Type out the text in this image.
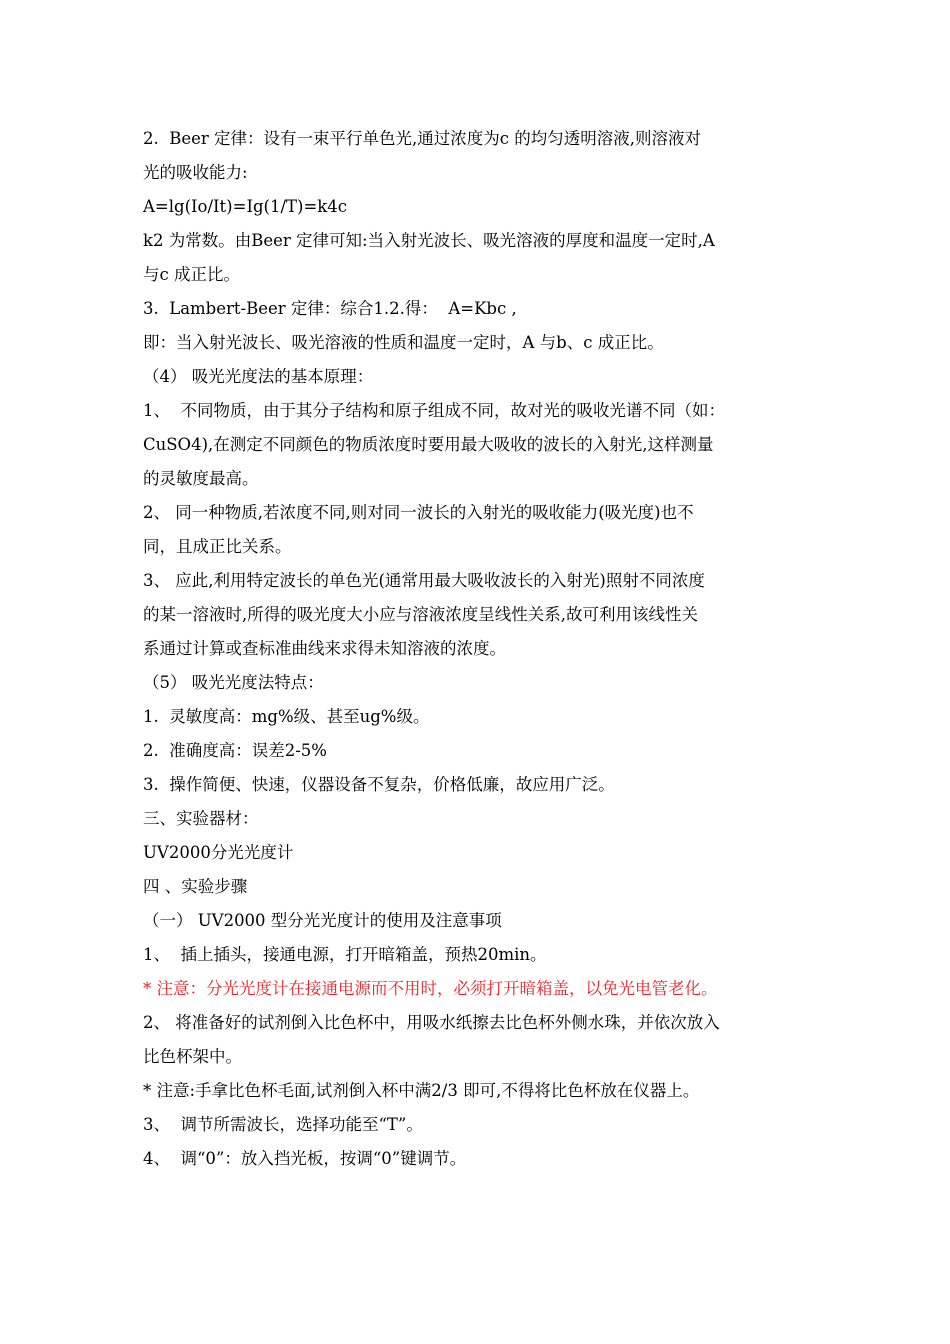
2.  Beer 定律：设有一束平行单色光,通过浓度为c 的均匀透明溶液,则溶液对
光的吸收能力:
A=lg(Io/It)=Ig(1/T)=k4c
k2 为常数。由Beer 定律可知:当入射光波长、吸光溶液的厚度和温度一定时,A
与c 成正比。
3.  Lambert-Beer 定律：综合1.2.得：  A=Kbc ,
即：当入射光波长、吸光溶液的性质和温度一定时，A 与b、c 成正比。
（4） 吸光光度法的基本原理：
1、  不同物质，由于其分子结构和原子组成不同，故对光的吸收光谱不同（如：
CuSO4),在测定不同颜色的物质浓度时要用最大吸收的波长的入射光,这样测量
的灵敏度最高。
2、 同一种物质,若浓度不同,则对同一波长的入射光的吸收能力(吸光度)也不
同，且成正比关系。
3、 应此,利用特定波长的单色光(通常用最大吸收波长的入射光)照射不同浓度
的某一溶液时,所得的吸光度大小应与溶液浓度呈线性关系,故可利用该线性关
系通过计算或查标准曲线来求得未知溶液的浓度。
（5） 吸光光度法特点：
1.  灵敏度高：mg%级、甚至ug%级。
2.  准确度高：误差2-5%
3.  操作简便、快速，仪器设备不复杂，价格低廉，故应用广泛。
三、实验器材：
UV2000分光光度计
四 、实验步骤
（一） UV2000 型分光光度计的使用及注意事项
1、  插上插头，接通电源，打开暗箱盖，预热20min。
* 注意：分光光度计在接通电源而不用时，必须打开暗箱盖，以免光电管老化。
2、 将准备好的试剂倒入比色杯中，用吸水纸擦去比色杯外侧水珠，并依次放入
比色杯架中。
* 注意:手拿比色杯毛面,试剂倒入杯中满2/3 即可,不得将比色杯放在仪器上。
3、  调节所需波长，选择功能至“T”。
4、  调“0”：放入挡光板，按调“0”键调节。
